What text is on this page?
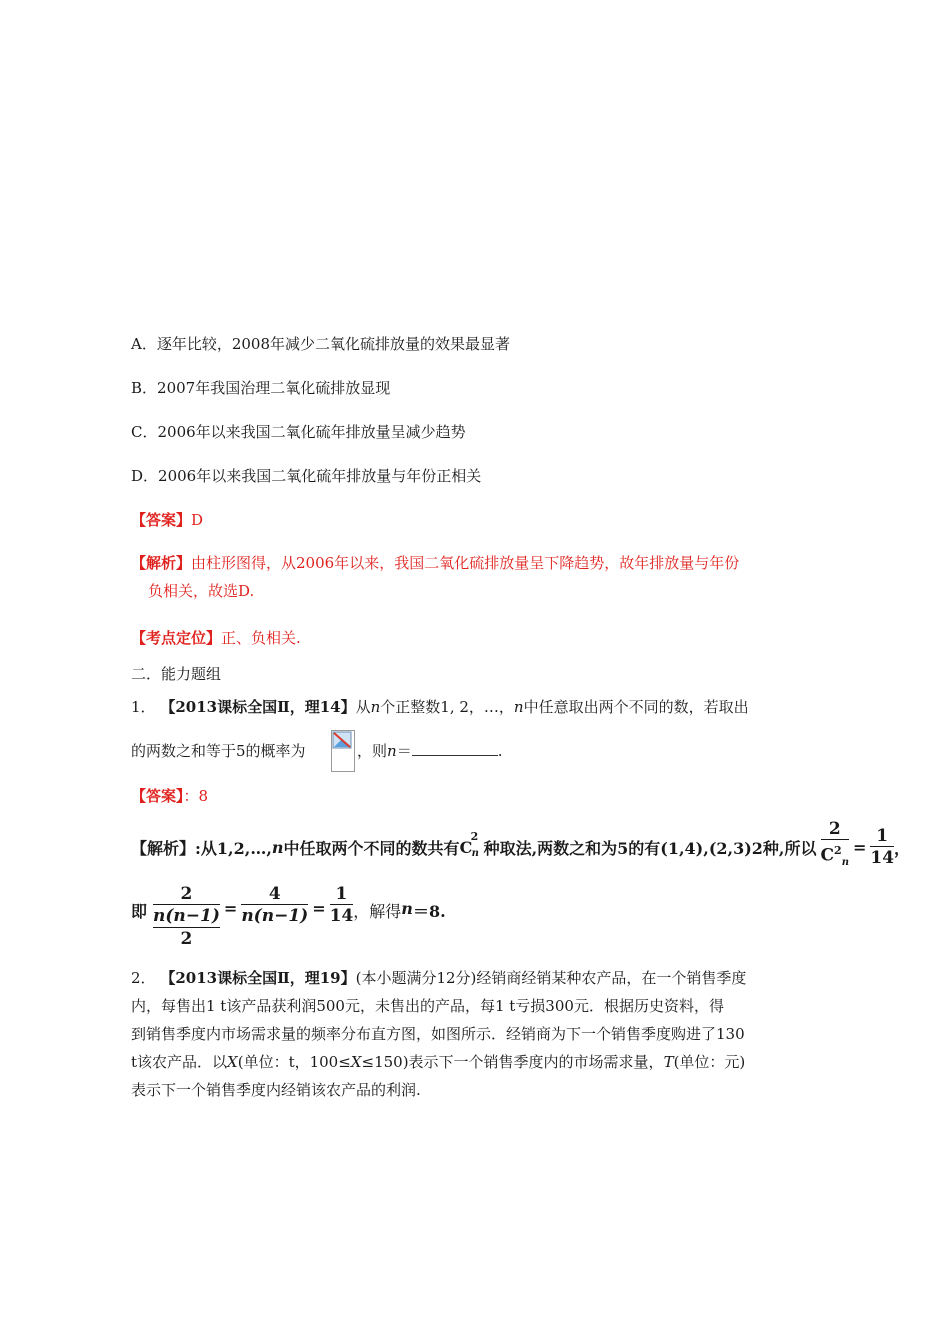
A．逐年比较，2008年减少二氧化硫排放量的效果最显著
B．2007年我国治理二氧化硫排放显现
C．2006年以来我国二氧化硫年排放量呈减少趋势
D．2006年以来我国二氧化硫年排放量与年份正相关
【答案】D
【解析】由柱形图得，从2006年以来，我国二氧化硫排放量呈下降趋势，故年排放量与年份
负相关，故选D.
【考点定位】正、负相关.
二．能力题组
1． 【2013课标全国Ⅱ，理14】从n个正整数1, 2，…，n中任意取出两个不同的数，若取出
的两数之和等于5的概率为	，则n＝	.
【答案】：8
【解析】 :从1,2,…, n 中任取两个不同的数共有 C
2
n 种取法,两数之和为5的有(1,4),(2,3)2种,所以 $\frac{2}{C^2_n} = \frac{1}{14}$ ，
即
2
n(n−1)
2
= $\frac{4}{n(n-1)} = \frac{1}{14}$ ，解得 n ＝8.
2． 【2013课标全国Ⅱ，理19】(本小题满分12分)经销商经销某种农产品，在一个销售季度
内，每售出1 t该产品获利润500元，未售出的产品，每1 t亏损300元．根据历史资料，得
到销售季度内市场需求量的频率分布直方图，如图所示．经销商为下一个销售季度购进了130
t该农产品．以X(单位：t，100≤X≤150)表示下一个销售季度内的市场需求量，T(单位：元)
表示下一个销售季度内经销该农产品的利润.
